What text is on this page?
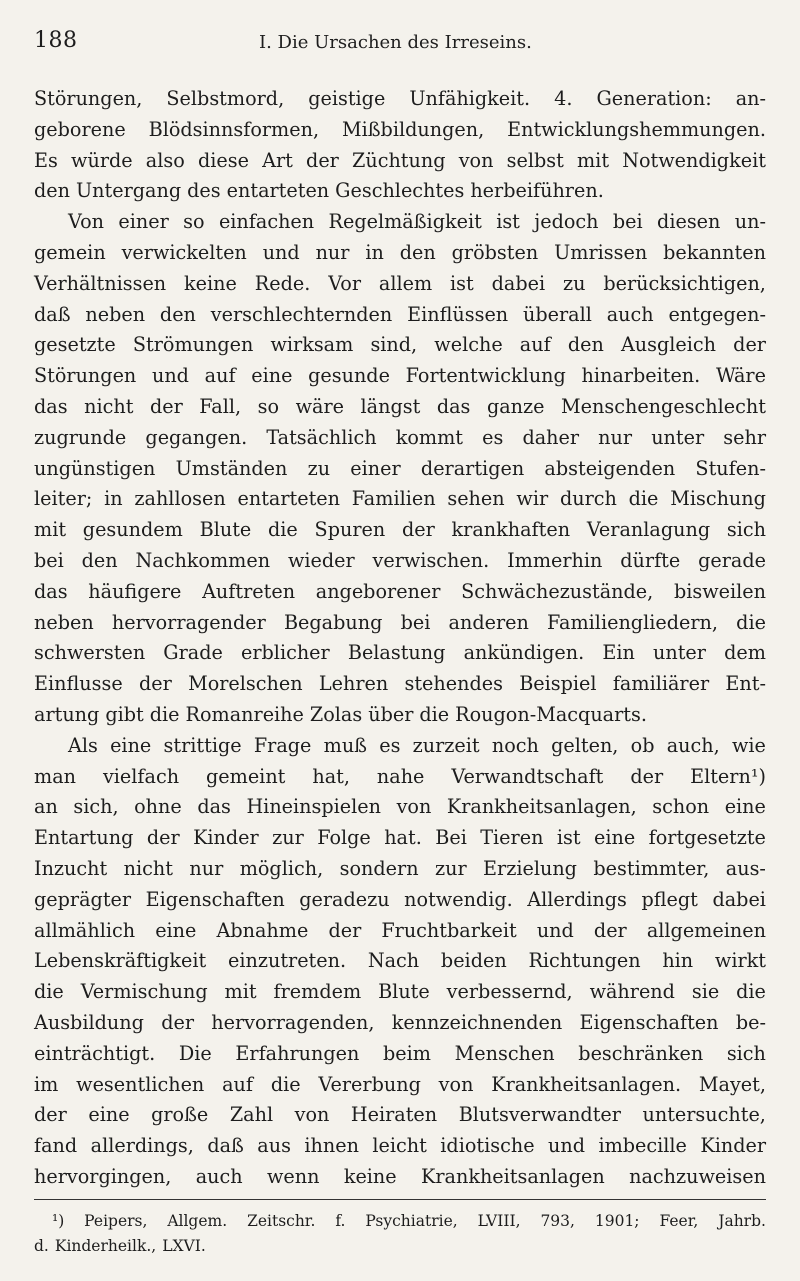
188	I. Die Ursachen des Irreseins.
Störungen, Selbstmord, geistige Unfähigkeit. 4. Generation: an-
geborene Blödsinnsformen, Mißbildungen, Entwicklungshemmungen.
Es würde also diese Art der Züchtung von selbst mit Notwendigkeit
den Untergang des entarteten Geschlechtes herbeiführen.
Von einer so einfachen Regelmäßigkeit ist jedoch bei diesen un-
gemein verwickelten und nur in den gröbsten Umrissen bekannten
Verhältnissen keine Rede. Vor allem ist dabei zu berücksichtigen,
daß neben den verschlechternden Einflüssen überall auch entgegen-
gesetzte Strömungen wirksam sind, welche auf den Ausgleich der
Störungen und auf eine gesunde Fortentwicklung hinarbeiten. Wäre
das nicht der Fall, so wäre längst das ganze Menschengeschlecht
zugrunde gegangen. Tatsächlich kommt es daher nur unter sehr
ungünstigen Umständen zu einer derartigen absteigenden Stufen-
leiter; in zahllosen entarteten Familien sehen wir durch die Mischung
mit gesundem Blute die Spuren der krankhaften Veranlagung sich
bei den Nachkommen wieder verwischen. Immerhin dürfte gerade
das häufigere Auftreten angeborener Schwächezustände, bisweilen
neben hervorragender Begabung bei anderen Familiengliedern, die
schwersten Grade erblicher Belastung ankündigen. Ein unter dem
Einflusse der Morelschen Lehren stehendes Beispiel familiärer Ent-
artung gibt die Romanreihe Zolas über die Rougon-Macquarts.
Als eine strittige Frage muß es zurzeit noch gelten, ob auch, wie
man vielfach gemeint hat, nahe Verwandtschaft der Eltern¹)
an sich, ohne das Hineinspielen von Krankheitsanlagen, schon eine
Entartung der Kinder zur Folge hat. Bei Tieren ist eine fortgesetzte
Inzucht nicht nur möglich, sondern zur Erzielung bestimmter, aus-
geprägter Eigenschaften geradezu notwendig. Allerdings pflegt dabei
allmählich eine Abnahme der Fruchtbarkeit und der allgemeinen
Lebenskräftigkeit einzutreten. Nach beiden Richtungen hin wirkt
die Vermischung mit fremdem Blute verbessernd, während sie die
Ausbildung der hervorragenden, kennzeichnenden Eigenschaften be-
einträchtigt. Die Erfahrungen beim Menschen beschränken sich
im wesentlichen auf die Vererbung von Krankheitsanlagen. Mayet,
der eine große Zahl von Heiraten Blutsverwandter untersuchte,
fand allerdings, daß aus ihnen leicht idiotische und imbecille Kinder
hervorgingen, auch wenn keine Krankheitsanlagen nachzuweisen
¹) Peipers, Allgem. Zeitschr. f. Psychiatrie, LVIII, 793, 1901; Feer, Jahrb.
d. Kinderheilk., LXVI.
